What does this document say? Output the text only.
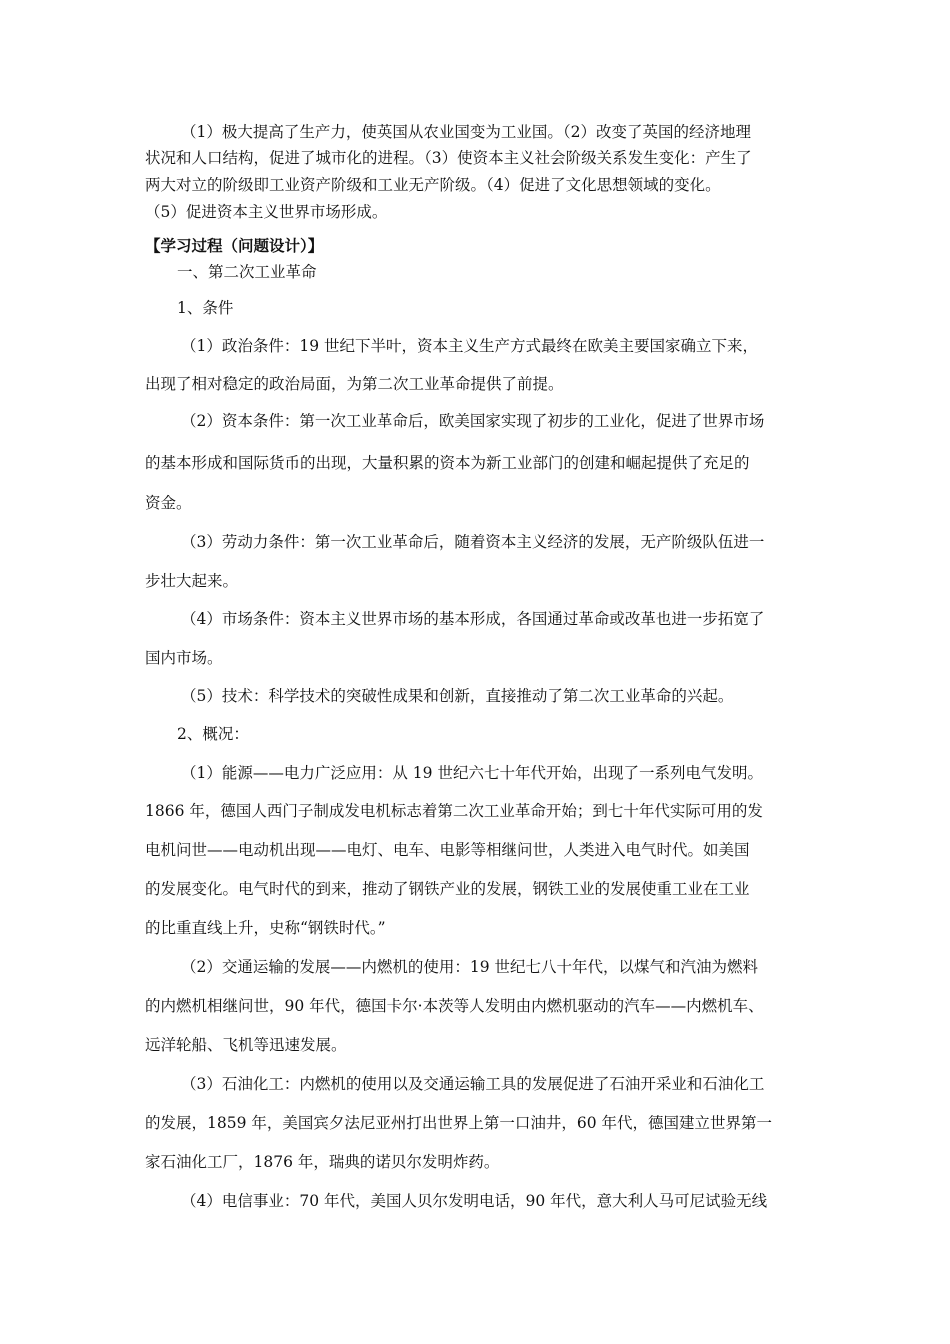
（1）极大提高了生产力，使英国从农业国变为工业国。（2）改变了英国的经济地理

状况和人口结构，促进了城市化的进程。（3）使资本主义社会阶级关系发生变化：产生了

两大对立的阶级即工业资产阶级和工业无产阶级。（4）促进了文化思想领域的变化。

（5）促进资本主义世界市场形成。

【学习过程（问题设计）】

一、第二次工业革命

1、条件

（1）政治条件：19 世纪下半叶，资本主义生产方式最终在欧美主要国家确立下来，

出现了相对稳定的政治局面，为第二次工业革命提供了前提。

（2）资本条件：第一次工业革命后，欧美国家实现了初步的工业化，促进了世界市场

的基本形成和国际货币的出现，大量积累的资本为新工业部门的创建和崛起提供了充足的

资金。

（3）劳动力条件：第一次工业革命后，随着资本主义经济的发展，无产阶级队伍进一

步壮大起来。

（4）市场条件：资本主义世界市场的基本形成，各国通过革命或改革也进一步拓宽了

国内市场。

（5）技术：科学技术的突破性成果和创新，直接推动了第二次工业革命的兴起。

2、概况：

（1）能源——电力广泛应用：从 19 世纪六七十年代开始，出现了一系列电气发明。

1866 年，德国人西门子制成发电机标志着第二次工业革命开始；到七十年代实际可用的发

电机问世——电动机出现——电灯、电车、电影等相继问世，人类进入电气时代。如美国

的发展变化。电气时代的到来，推动了钢铁产业的发展，钢铁工业的发展使重工业在工业

的比重直线上升，史称“钢铁时代。”

（2）交通运输的发展——内燃机的使用：19 世纪七八十年代，以煤气和汽油为燃料

的内燃机相继问世，90 年代，德国卡尔·本茨等人发明由内燃机驱动的汽车——内燃机车、

远洋轮船、飞机等迅速发展。

（3）石油化工：内燃机的使用以及交通运输工具的发展促进了石油开采业和石油化工

的发展，1859 年，美国宾夕法尼亚州打出世界上第一口油井，60 年代，德国建立世界第一

家石油化工厂，1876 年，瑞典的诺贝尔发明炸药。

（4）电信事业：70 年代，美国人贝尔发明电话，90 年代，意大利人马可尼试验无线
